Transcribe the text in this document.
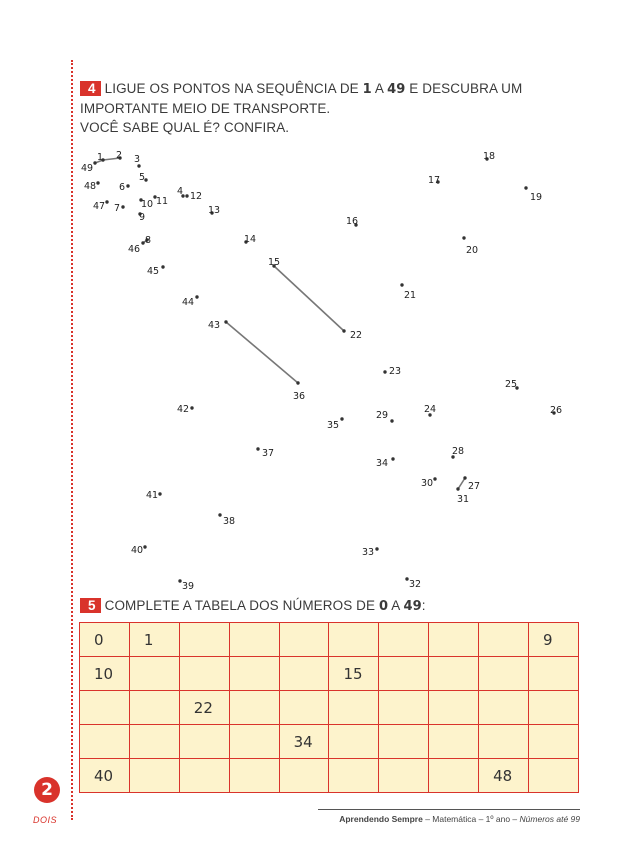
4 LIGUE OS PONTOS NA SEQUÊNCIA DE 1 A 49 E DESCUBRA UM
IMPORTANTE MEIO DE TRANSPORTE.
VOCÊ SABE QUAL É? CONFIRA.
1 2 3
4
5
6
7
8
9
10 11 12
13
14
15
16
17
18
19
20
21
22
23
24
25
26
27
28
29
30
31
32
33
34
35
36
37
38
39
40
41
42
43
44
45
46
47
48
49
5 COMPLETE A TABELA DOS NÚMEROS DE 0 A 49:
0	1								9
10					15				
		22							
				34					
40								48	
2
DOIS	Aprendendo Sempre – Matemática – 1º ano – Números até 99
